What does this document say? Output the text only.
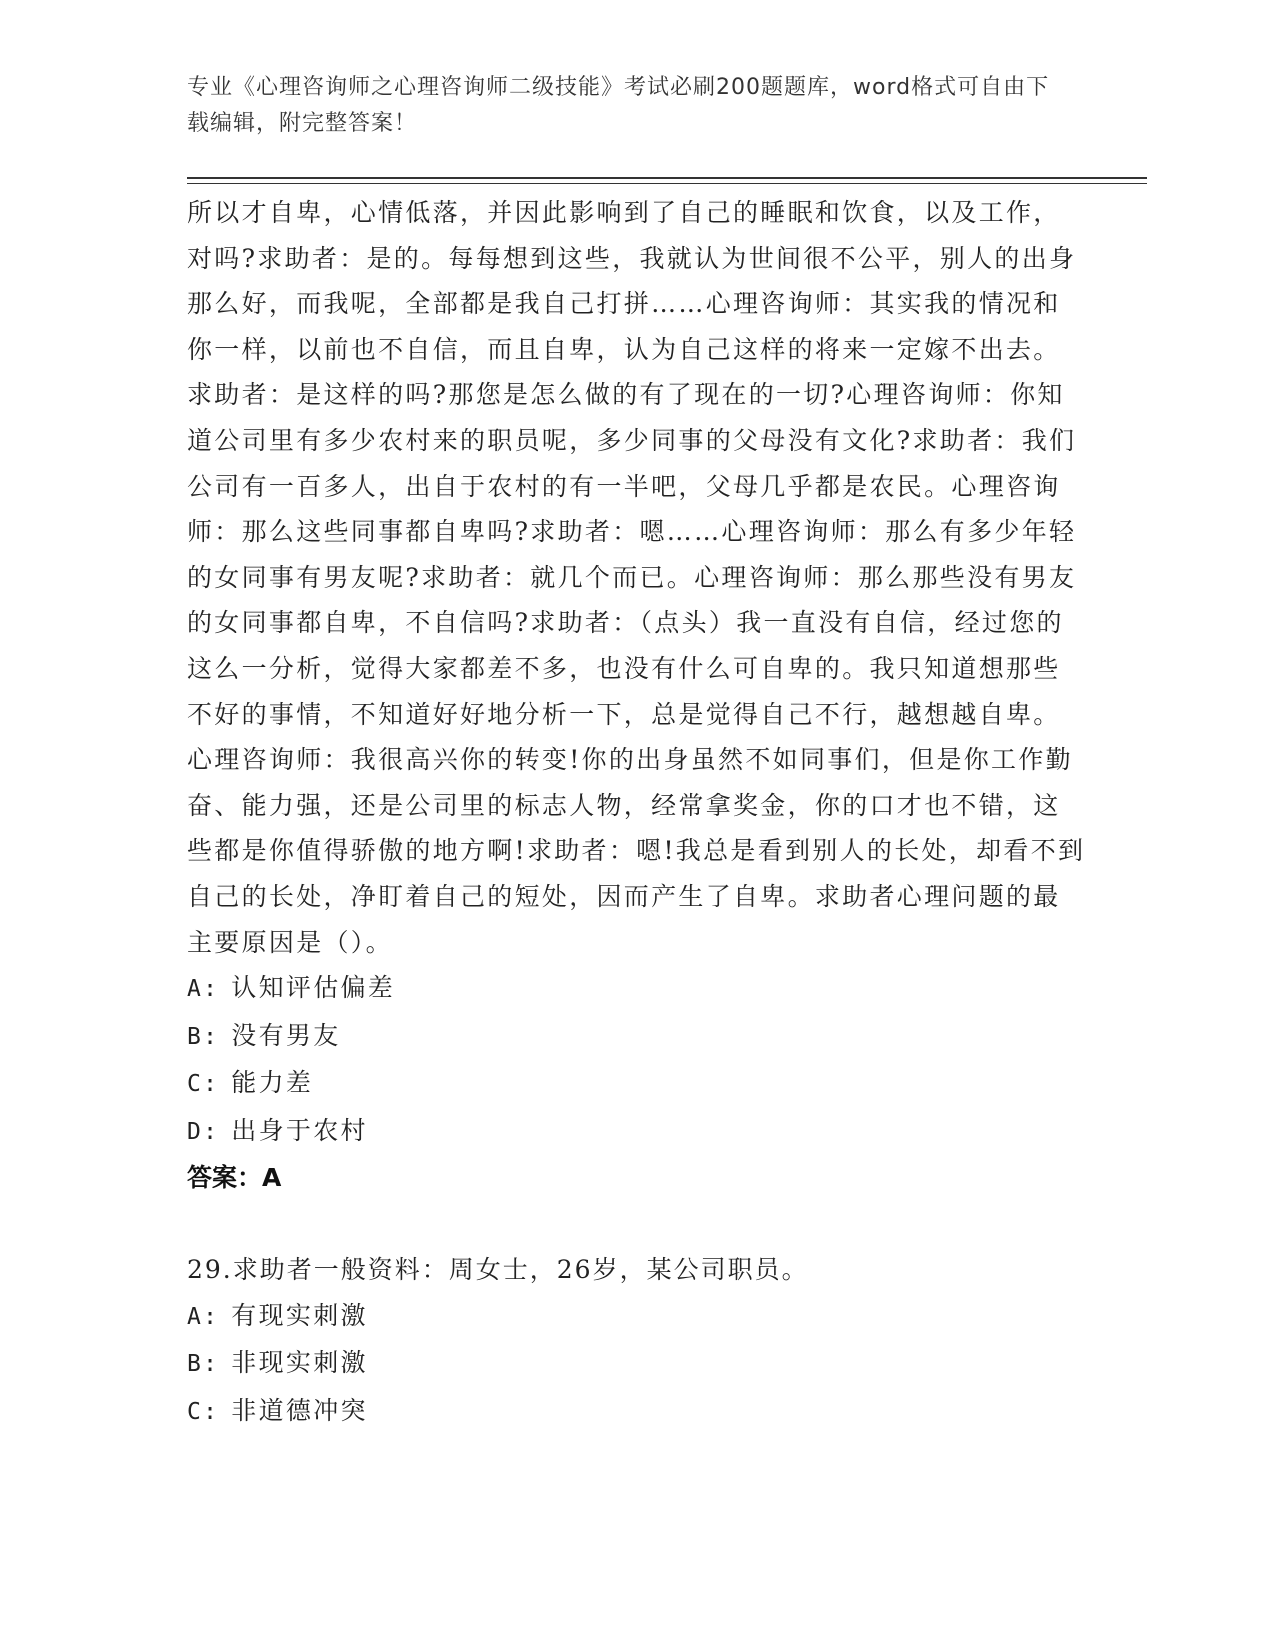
专业《心理咨询师之心理咨询师二级技能》考试必刷200题题库，word格式可自由下载编辑，附完整答案！

所以才自卑，心情低落，并因此影响到了自己的睡眠和饮食，以及工作，对吗?求助者：是的。每每想到这些，我就认为世间很不公平，别人的出身那么好，而我呢，全部都是我自己打拼……心理咨询师：其实我的情况和你一样，以前也不自信，而且自卑，认为自己这样的将来一定嫁不出去。求助者：是这样的吗?那您是怎么做的有了现在的一切?心理咨询师：你知道公司里有多少农村来的职员呢，多少同事的父母没有文化?求助者：我们公司有一百多人，出自于农村的有一半吧，父母几乎都是农民。心理咨询师：那么这些同事都自卑吗?求助者：嗯……心理咨询师：那么有多少年轻的女同事有男友呢?求助者：就几个而已。心理咨询师：那么那些没有男友的女同事都自卑，不自信吗?求助者：（点头）我一直没有自信，经过您的这么一分析，觉得大家都差不多，也没有什么可自卑的。我只知道想那些不好的事情，不知道好好地分析一下，总是觉得自己不行，越想越自卑。心理咨询师：我很高兴你的转变!你的出身虽然不如同事们，但是你工作勤奋、能力强，还是公司里的标志人物，经常拿奖金，你的口才也不错，这些都是你值得骄傲的地方啊!求助者：嗯!我总是看到别人的长处，却看不到自己的长处，净盯着自己的短处，因而产生了自卑。求助者心理问题的最主要原因是（）。

A: 认知评估偏差

B: 没有男友

C: 能力差

D: 出身于农村

答案：A

29.求助者一般资料：周女士，26岁，某公司职员。

A: 有现实刺激

B: 非现实刺激

C: 非道德冲突
